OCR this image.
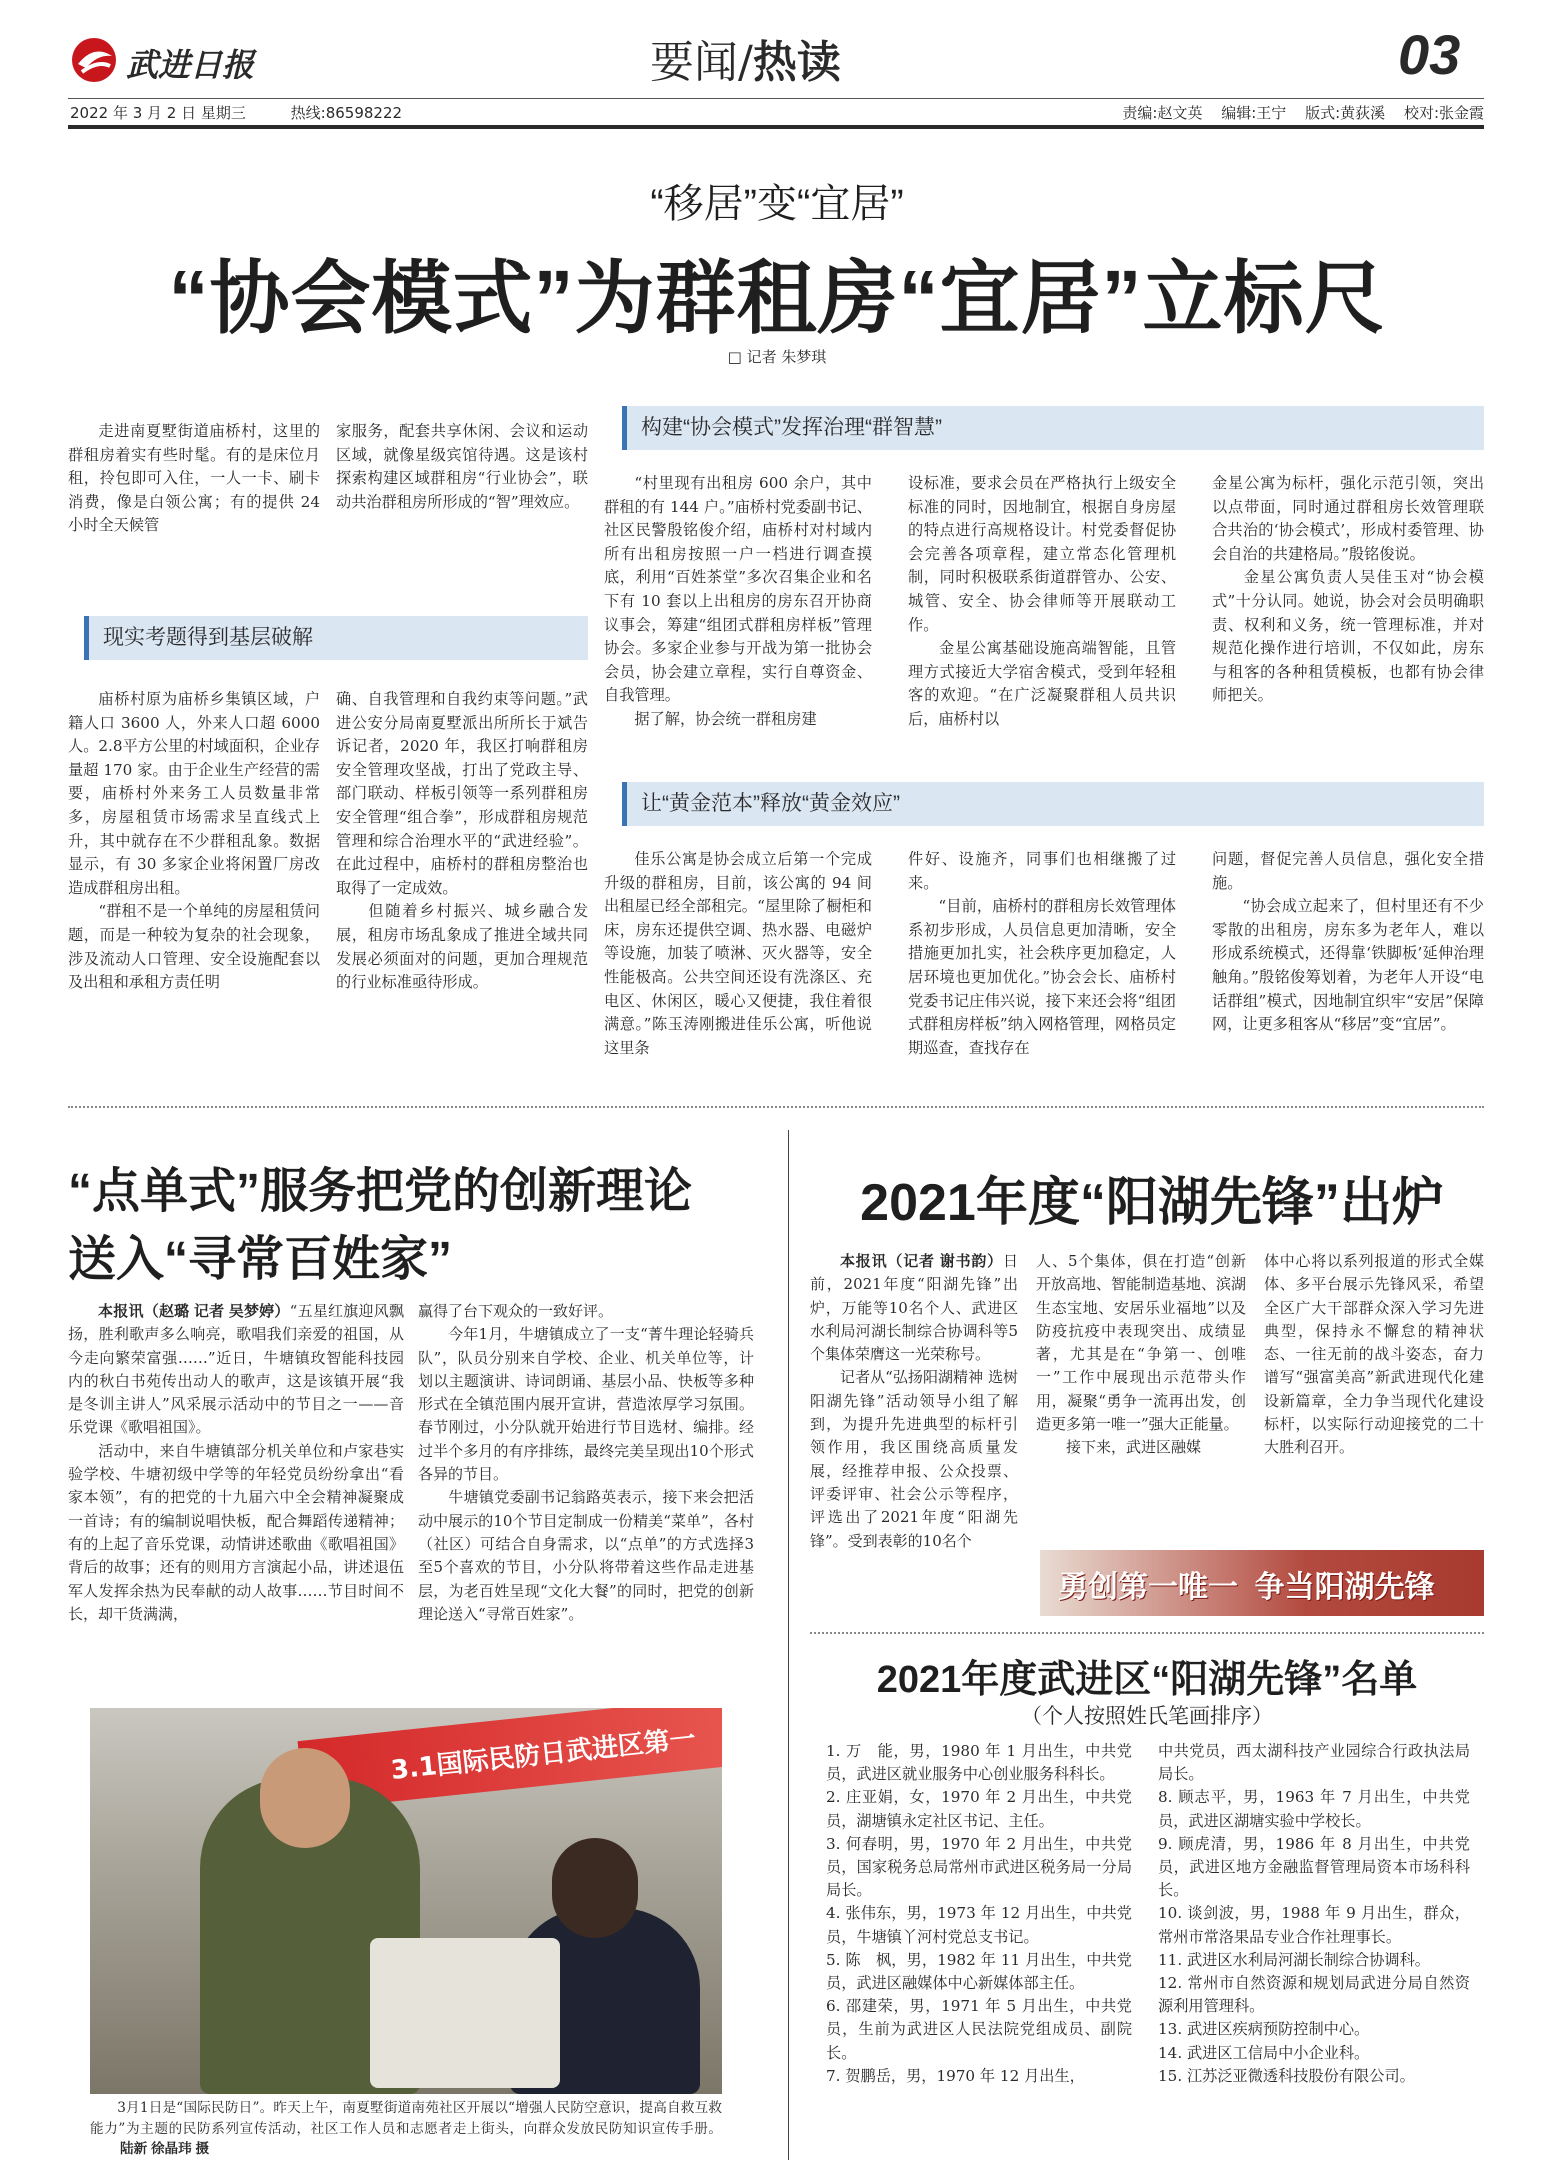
武进日报	要闻/热读	03
2022 年 3 月 2 日 星期三	热线:86598222	责编:赵文英 编辑:王宁 版式:黄荻溪 校对:张金霞
“移居”变“宜居”
“协会模式”为群租房“宜居”立标尺
□ 记者 朱梦琪

走进南夏墅街道庙桥村，这里的群租房着实有些时髦。有的是床位月租，拎包即可入住，一人一卡、刷卡消费，像是白领公寓；有的提供 24 小时全天候管

家服务，配套共享休闲、会议和运动区域，就像星级宾馆待遇。这是该村探索构建区域群租房“行业协会”，联动共治群租房所形成的“智”理效应。

现实考题得到基层破解

庙桥村原为庙桥乡集镇区域，户籍人口 3600 人，外来人口超 6000 人。2.8平方公里的村域面积，企业存量超 170 家。由于企业生产经营的需要，庙桥村外来务工人员数量非常多，房屋租赁市场需求呈直线式上升，其中就存在不少群租乱象。数据显示，有 30 多家企业将闲置厂房改造成群租房出租。
“群租不是一个单纯的房屋租赁问题，而是一种较为复杂的社会现象，涉及流动人口管理、安全设施配套以及出租和承租方责任明

确、自我管理和自我约束等问题。”武进公安分局南夏墅派出所所长于斌告诉记者，2020 年，我区打响群租房安全管理攻坚战，打出了党政主导、部门联动、样板引领等一系列群租房安全管理“组合拳”，形成群租房规范管理和综合治理水平的“武进经验”。在此过程中，庙桥村的群租房整治也取得了一定成效。
但随着乡村振兴、城乡融合发展，租房市场乱象成了推进全域共同发展必须面对的问题，更加合理规范的行业标准亟待形成。

构建“协会模式”发挥治理“群智慧”

“村里现有出租房 600 余户，其中群租的有 144 户。”庙桥村党委副书记、社区民警殷铭俊介绍，庙桥村对村域内所有出租房按照一户一档进行调查摸底，利用“百姓茶堂”多次召集企业和名下有 10 套以上出租房的房东召开协商议事会，筹建“组团式群租房样板”管理协会。多家企业参与开战为第一批协会会员，协会建立章程，实行自尊资金、自我管理。
据了解，协会统一群租房建

设标准，要求会员在严格执行上级安全标准的同时，因地制宜，根据自身房屋的特点进行高规格设计。村党委督促协会完善各项章程，建立常态化管理机制，同时积极联系街道群管办、公安、城管、安全、协会律师等开展联动工作。
金星公寓基础设施高端智能，且管理方式接近大学宿舍模式，受到年轻租客的欢迎。“在广泛凝聚群租人员共识后，庙桥村以

金星公寓为标杆，强化示范引领，突出以点带面，同时通过群租房长效管理联合共治的‘协会模式’，形成村委管理、协会自治的共建格局。”殷铭俊说。
金星公寓负责人吴佳玉对“协会模式”十分认同。她说，协会对会员明确职责、权利和义务，统一管理标准，并对规范化操作进行培训，不仅如此，房东与租客的各种租赁模板，也都有协会律师把关。

让“黄金范本”释放“黄金效应”

佳乐公寓是协会成立后第一个完成升级的群租房，目前，该公寓的 94 间出租屋已经全部租完。“屋里除了橱柜和床，房东还提供空调、热水器、电磁炉等设施，加装了喷淋、灭火器等，安全性能极高。公共空间还设有洗涤区、充电区、休闲区，暖心又便捷，我住着很满意。”陈玉涛刚搬进佳乐公寓，听他说这里条

件好、设施齐，同事们也相继搬了过来。
“目前，庙桥村的群租房长效管理体系初步形成，人员信息更加清晰，安全措施更加扎实，社会秩序更加稳定，人居环境也更加优化。”协会会长、庙桥村党委书记庄伟兴说，接下来还会将“组团式群租房样板”纳入网格管理，网格员定期巡查，查找存在

问题，督促完善人员信息，强化安全措施。
“协会成立起来了，但村里还有不少零散的出租房，房东多为老年人，难以形成系统模式，还得靠‘铁脚板’延伸治理触角。”殷铭俊筹划着，为老年人开设“电话群组”模式，因地制宜织牢“安居”保障网，让更多租客从“移居”变“宜居”。

“点单式”服务把党的创新理论
送入“寻常百姓家”

本报讯（赵璐 记者 吴梦婷）“五星红旗迎风飘扬，胜利歌声多么响亮，歌唱我们亲爱的祖国，从今走向繁荣富强……”近日，牛塘镇玫智能科技园内的秋白书苑传出动人的歌声，这是该镇开展“我是冬训主讲人”风采展示活动中的节目之一——音乐党课《歌唱祖国》。
活动中，来自牛塘镇部分机关单位和卢家巷实验学校、牛塘初级中学等的年轻党员纷纷拿出“看家本领”，有的把党的十九届六中全会精神凝聚成一首诗；有的编制说唱快板，配合舞蹈传递精神；有的上起了音乐党课，动情讲述歌曲《歌唱祖国》背后的故事；还有的则用方言演起小品，讲述退伍军人发挥余热为民奉献的动人故事……节目时间不长，却干货满满，

赢得了台下观众的一致好评。
今年1月，牛塘镇成立了一支“菁牛理论轻骑兵队”，队员分别来自学校、企业、机关单位等，计划以主题演讲、诗词朗诵、基层小品、快板等多种形式在全镇范围内展开宣讲，营造浓厚学习氛围。春节刚过，小分队就开始进行节目选材、编排。经过半个多月的有序排练，最终完美呈现出10个形式各异的节目。
牛塘镇党委副书记翁路英表示，接下来会把活动中展示的10个节目定制成一份精美“菜单”，各村（社区）可结合自身需求，以“点单”的方式选择3至5个喜欢的节目，小分队将带着这些作品走进基层，为老百姓呈现“文化大餐”的同时，把党的创新理论送入“寻常百姓家”。

3.1国际民防日武进区第一

3月1日是“国际民防日”。昨天上午，南夏墅街道南苑社区开展以“增强人民防空意识，提高自救互救能力”为主题的民防系列宣传活动，社区工作人员和志愿者走上街头，向群众发放民防知识宣传手册。 陆新 徐晶玮 摄

2021年度“阳湖先锋”出炉

本报讯（记者 谢书韵）日前，2021年度“阳湖先锋”出炉，万能等10名个人、武进区水利局河湖长制综合协调科等5个集体荣膺这一光荣称号。
记者从“弘扬阳湖精神 选树阳湖先锋”活动领导小组了解到，为提升先进典型的标杆引领作用，我区围绕高质量发展，经推荐申报、公众投票、评委评审、社会公示等程序，评选出了2021年度“阳湖先锋”。受到表彰的10名个

人、5个集体，俱在打造“创新开放高地、智能制造基地、滨湖生态宝地、安居乐业福地”以及防疫抗疫中表现突出、成绩显著，尤其是在“争第一、创唯一”工作中展现出示范带头作用，凝聚“勇争一流再出发，创造更多第一唯一”强大正能量。
接下来，武进区融媒

体中心将以系列报道的形式全媒体、多平台展示先锋风采，希望全区广大干部群众深入学习先进典型，保持永不懈怠的精神状态、一往无前的战斗姿态，奋力谱写“强富美高”新武进现代化建设新篇章，全力争当现代化建设标杆，以实际行动迎接党的二十大胜利召开。

勇创第一唯一  争当阳湖先锋
2021年度武进区“阳湖先锋”名单
（个人按照姓氏笔画排序）

1. 万　能，男，1980 年 1 月出生，中共党员，武进区就业服务中心创业服务科科长。

2. 庄亚娟，女，1970 年 2 月出生，中共党员，湖塘镇永定社区书记、主任。

3. 何春明，男，1970 年 2 月出生，中共党员，国家税务总局常州市武进区税务局一分局局长。

4. 张伟东，男，1973 年 12 月出生，中共党员，牛塘镇丫河村党总支书记。

5. 陈　枫，男，1982 年 11 月出生，中共党员，武进区融媒体中心新媒体部主任。

6. 邵建荣，男，1971 年 5 月出生，中共党员，生前为武进区人民法院党组成员、副院长。

7. 贺鹏岳，男，1970 年 12 月出生，

中共党员，西太湖科技产业园综合行政执法局局长。

8. 顾志平，男，1963 年 7 月出生，中共党员，武进区湖塘实验中学校长。

9. 顾虎清，男，1986 年 8 月出生，中共党员，武进区地方金融监督管理局资本市场科科长。

10. 谈剑波，男，1988 年 9 月出生，群众，常州市常洛果品专业合作社理事长。

11. 武进区水利局河湖长制综合协调科。

12. 常州市自然资源和规划局武进分局自然资源利用管理科。

13. 武进区疾病预防控制中心。

14. 武进区工信局中小企业科。

15. 江苏泛亚微透科技股份有限公司。
